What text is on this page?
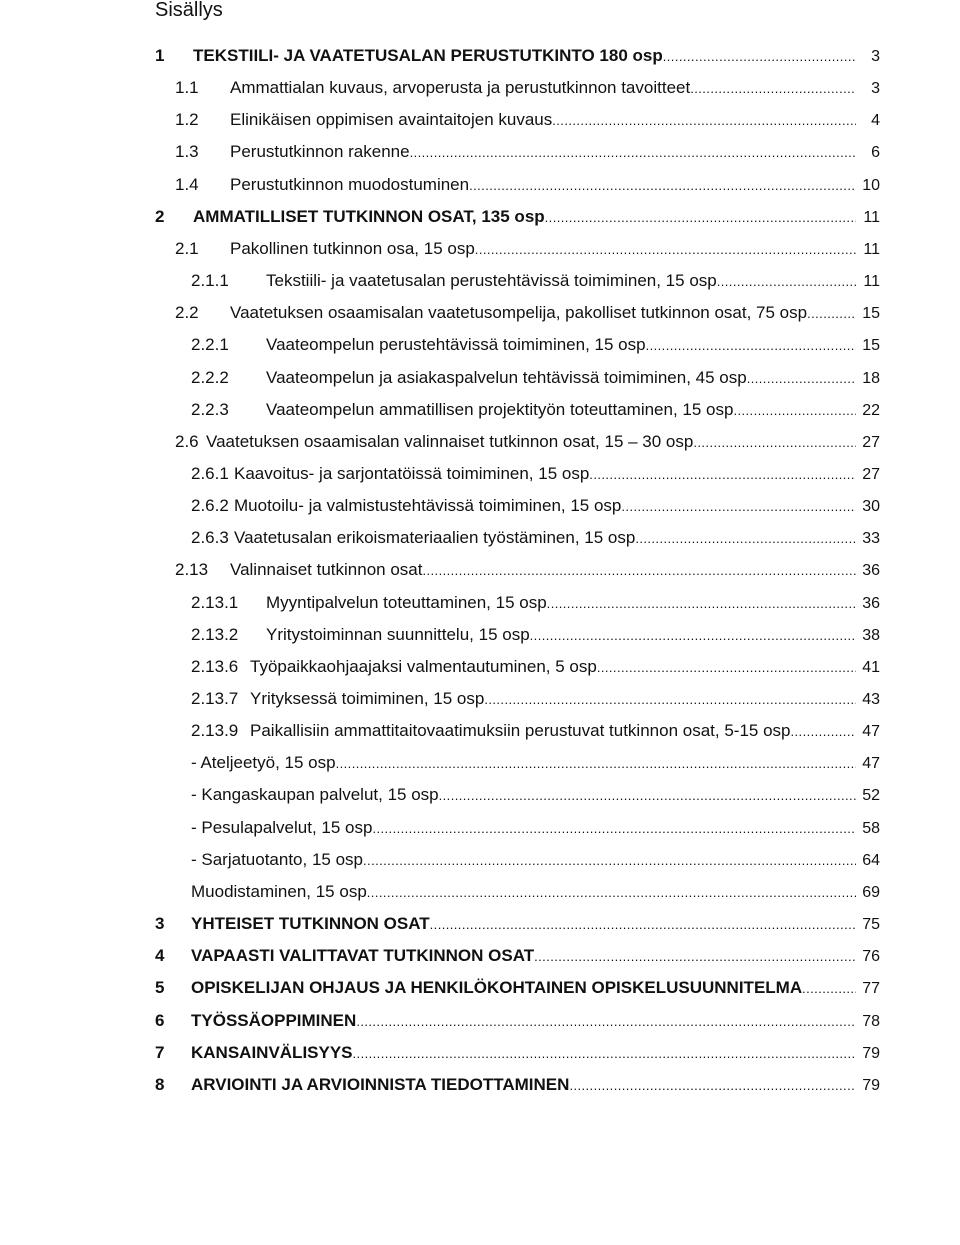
Sisällys
1 TEKSTIILI- JA VAATETUSALAN PERUSTUTKINTO 180 osp . . .	3
1.1 Ammattialan kuvaus, arvoperusta ja perustutkinnon tavoitteet . . .	3
1.2 Elinikäisen oppimisen avaintaitojen kuvaus . . .	4
1.3 Perustutkinnon rakenne . . .	6
1.4 Perustutkinnon muodostuminen . . .	10
2 AMMATILLISET TUTKINNON OSAT, 135 osp . . .	11
2.1 Pakollinen tutkinnon osa, 15 osp . . .	11
2.1.1 Tekstiili- ja vaatetusalan perustehtävissä toimiminen, 15 osp . . .	11
2.2 Vaatetuksen osaamisalan vaatetusompelija, pakolliset tutkinnon osat, 75 osp . . .	15
2.2.1 Vaateompelun perustehtävissä toimiminen, 15 osp . . .	15
2.2.2 Vaateompelun ja asiakaspalvelun tehtävissä toimiminen, 45 osp . . .	18
2.2.3 Vaateompelun ammatillisen projektityön toteuttaminen, 15 osp . . .	22
2.6 Vaatetuksen osaamisalan valinnaiset tutkinnon osat, 15 – 30 osp . . .	27
2.6.1 Kaavoitus- ja sarjontatöissä toimiminen, 15 osp . . .	27
2.6.2 Muotoilu- ja valmistustehtävissä toimiminen, 15 osp . . .	30
2.6.3 Vaatetusalan erikoismateriaalien työstäminen, 15 osp . . .	33
2.13 Valinnaiset tutkinnon osat . . .	36
2.13.1 Myyntipalvelun toteuttaminen, 15 osp . . .	36
2.13.2 Yritystoiminnan suunnittelu, 15 osp . . .	38
2.13.6 Työpaikkaohjaajaksi valmentautuminen, 5 osp . . .	41
2.13.7 Yrityksessä toimiminen, 15 osp . . .	43
2.13.9 Paikallisiin ammattitaitovaatimuksiin perustuvat tutkinnon osat, 5-15 osp . . .	47
- Ateljeetyö, 15 osp . . .	47
- Kangaskaupan palvelut, 15 osp . . .	52
- Pesulapalvelut, 15 osp . . .	58
- Sarjatuotanto, 15 osp . . .	64
Muodistaminen, 15 osp . . .	69
3 YHTEISET TUTKINNON OSAT . . .	75
4 VAPAASTI VALITTAVAT TUTKINNON OSAT . . .	76
5 OPISKELIJAN OHJAUS JA HENKILÖKOHTAINEN OPISKELUSUUNNITELMA . . .	77
6 TYÖSSÄOPPIMINEN . . .	78
7 KANSAINVÄLISYYS . . .	79
8 ARVIOINTI JA ARVIOINNISTA TIEDOTTAMINEN . . .	79
